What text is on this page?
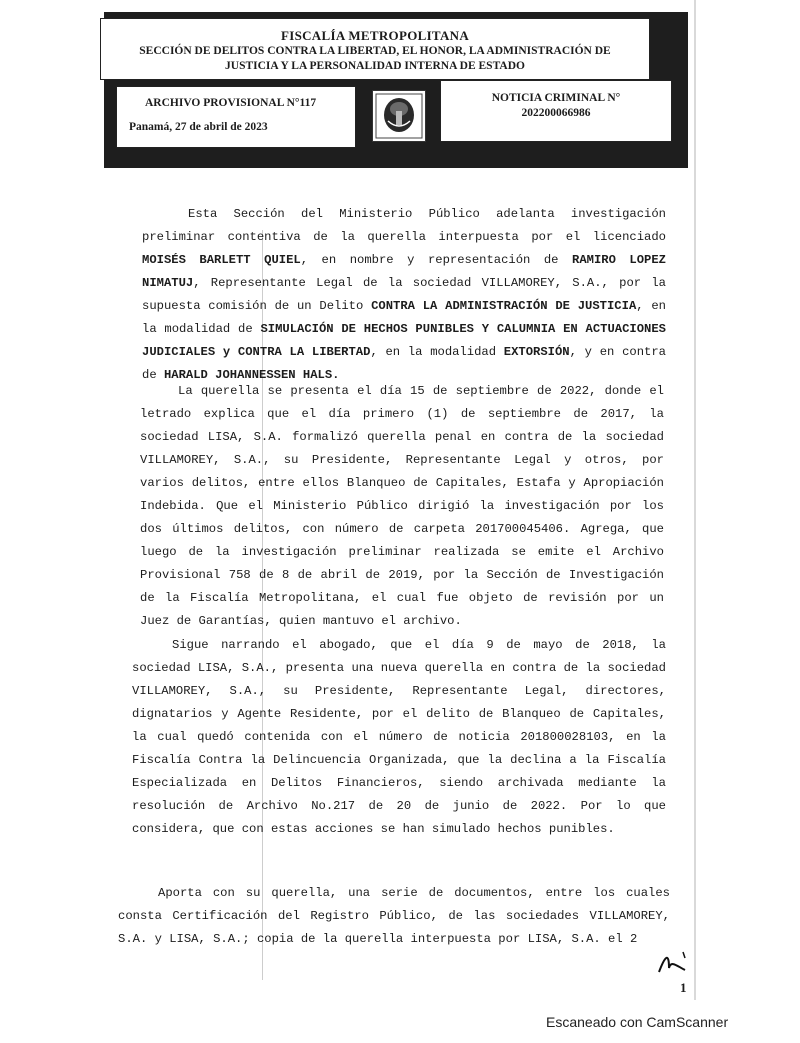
FISCALÍA METROPOLITANA
SECCIÓN DE DELITOS CONTRA LA LIBERTAD, EL HONOR, LA ADMINISTRACIÓN DE
JUSTICIA Y LA PERSONALIDAD INTERNA DE ESTADO
ARCHIVO PROVISIONAL N°117
Panamá, 27 de abril de 2023
NOTICIA CRIMINAL N°
202200066986
Esta Sección del Ministerio Público adelanta investigación preliminar contentiva de la querella interpuesta por el licenciado MOISÉS BARLETT QUIEL, en nombre y representación de RAMIRO LOPEZ NIMATUJ, Representante Legal de la sociedad VILLAMOREY, S.A., por la supuesta comisión de un Delito CONTRA LA ADMINISTRACIÓN DE JUSTICIA, en la modalidad de SIMULACIÓN DE HECHOS PUNIBLES Y CALUMNIA EN ACTUACIONES JUDICIALES y CONTRA LA LIBERTAD, en la modalidad EXTORSIÓN, y en contra de HARALD JOHANNESSEN HALS.
La querella se presenta el día 15 de septiembre de 2022, donde el letrado explica que el día primero (1) de septiembre de 2017, la sociedad LISA, S.A. formalizó querella penal en contra de la sociedad VILLAMOREY, S.A., su Presidente, Representante Legal y otros, por varios delitos, entre ellos Blanqueo de Capitales, Estafa y Apropiación Indebida. Que el Ministerio Público dirigió la investigación por los dos últimos delitos, con número de carpeta 201700045406. Agrega, que luego de la investigación preliminar realizada se emite el Archivo Provisional 758 de 8 de abril de 2019, por la Sección de Investigación de la Fiscalía Metropolitana, el cual fue objeto de revisión por un Juez de Garantías, quien mantuvo el archivo.
Sigue narrando el abogado, que el día 9 de mayo de 2018, la sociedad LISA, S.A., presenta una nueva querella en contra de la sociedad VILLAMOREY, S.A., su Presidente, Representante Legal, directores, dignatarios y Agente Residente, por el delito de Blanqueo de Capitales, la cual quedó contenida con el número de noticia 201800028103, en la Fiscalía Contra la Delincuencia Organizada, que la declina a la Fiscalía Especializada en Delitos Financieros, siendo archivada mediante la resolución de Archivo No.217 de 20 de junio de 2022. Por lo que considera, que con estas acciones se han simulado hechos punibles.
Aporta con su querella, una serie de documentos, entre los cuales consta Certificación del Registro Público, de las sociedades VILLAMOREY, S.A. y LISA, S.A.; copia de la querella interpuesta por LISA, S.A. el 2
1
Escaneado con CamScanner
